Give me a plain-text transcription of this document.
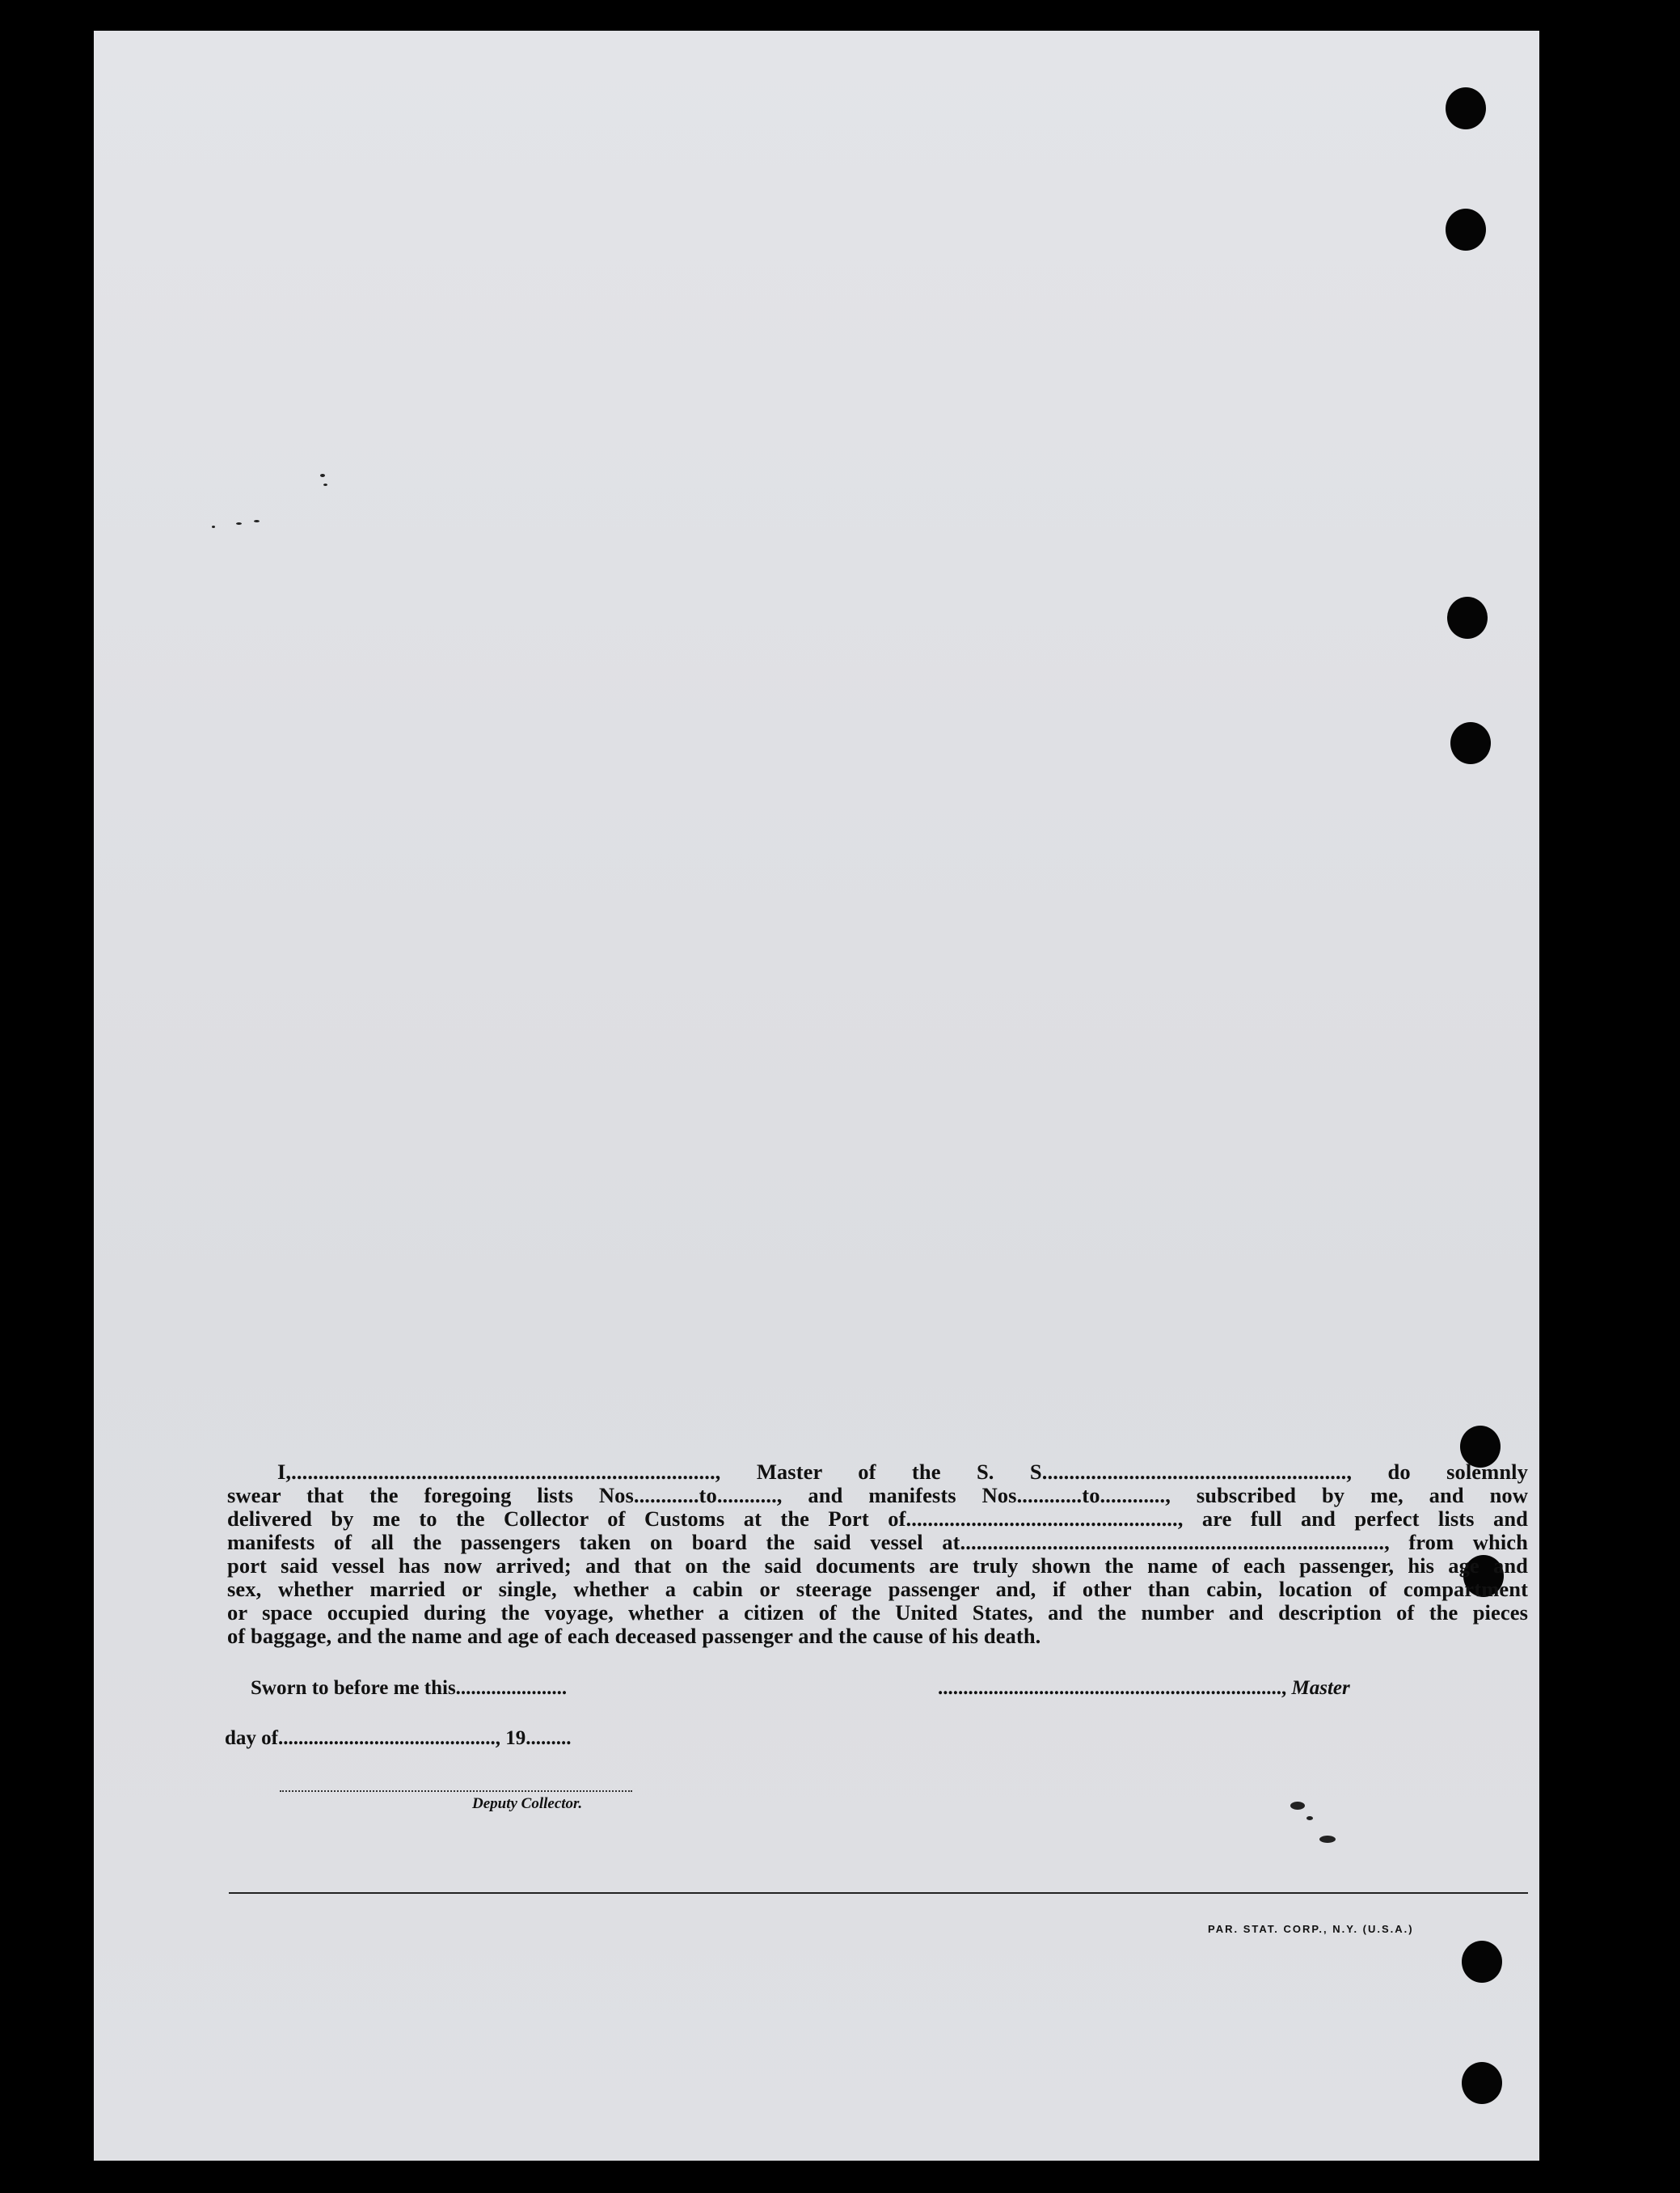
I,.............................................................................., Master of the S. S........................................................, do solemnly
swear that the foregoing lists Nos............to..........., and manifests Nos............to............, subscribed by me, and now
delivered by me to the Collector of Customs at the Port of.................................................., are full and perfect lists and
manifests of all the passengers taken on board the said vessel at.............................................................................., from which
port said vessel has now arrived; and that on the said documents are truly shown the name of each passenger, his age and
sex, whether married or single, whether a cabin or steerage passenger and, if other than cabin, location of compartment
or space occupied during the voyage, whether a citizen of the United States, and the number and description of the pieces
of baggage, and the name and age of each deceased passenger and the cause of his death.
Sworn to before me this......................	...................................................................., Master
day of..........................................., 19.........
Deputy Collector.
PAR. STAT. CORP., N.Y. (U.S.A.)
